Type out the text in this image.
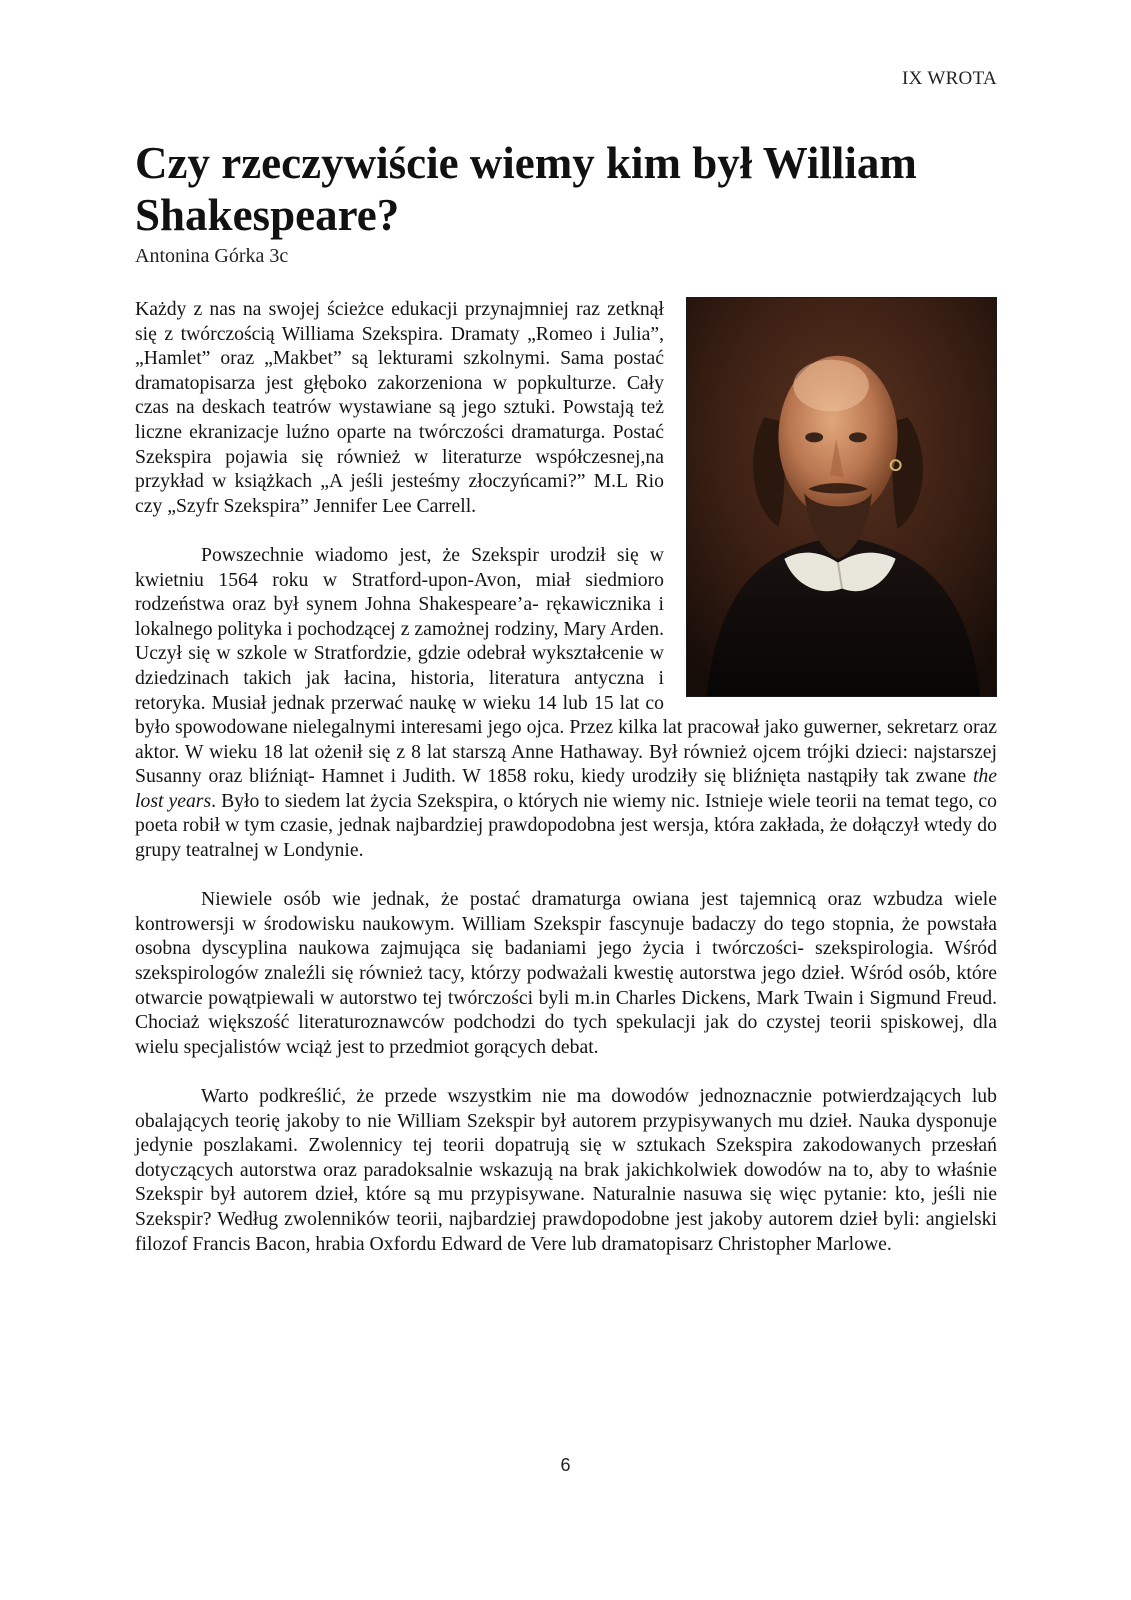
IX WROTA
Czy rzeczywiście wiemy kim był William Shakespeare?
Antonina Górka 3c

Każdy z nas na swojej ścieżce edukacji przynajmniej raz zetknął się z twórczością Williama Szekspira. Dramaty „Romeo i Julia”, „Hamlet” oraz „Makbet” są lekturami szkolnymi. Sama postać dramatopisarza jest głęboko zakorzeniona w popkulturze. Cały czas na deskach teatrów wystawiane są jego sztuki. Powstają też liczne ekranizacje luźno oparte na twórczości dramaturga. Postać Szekspira pojawia się również w literaturze współczesnej,na przykład w książkach „A jeśli jesteśmy złoczyńcami?” M.L Rio czy „Szyfr Szekspira” Jennifer Lee Carrell.

Powszechnie wiadomo jest, że Szekspir urodził się w kwietniu 1564 roku w Stratford-upon-Avon, miał siedmioro rodzeństwa oraz był synem Johna Shakespeare’a- rękawicznika i lokalnego polityka i pochodzącej z zamożnej rodziny, Mary Arden. Uczył się w szkole w Stratfordzie, gdzie odebrał wykształcenie w dziedzinach takich jak łacina, historia, literatura antyczna i retoryka. Musiał jednak przerwać naukę w wieku 14 lub 15 lat co było spowodowane nielegalnymi interesami jego ojca. Przez kilka lat pracował jako guwerner, sekretarz oraz aktor. W wieku 18 lat ożenił się z 8 lat starszą Anne Hathaway. Był również ojcem trójki dzieci: najstarszej Susanny oraz bliźniąt- Hamnet i Judith. W 1858 roku, kiedy urodziły się bliźnięta nastąpiły tak zwane the lost years. Było to siedem lat życia Szekspira, o których nie wiemy nic. Istnieje wiele teorii na temat tego, co poeta robił w tym czasie, jednak najbardziej prawdopodobna jest wersja, która zakłada, że dołączył wtedy do grupy teatralnej w Londynie.

Niewiele osób wie jednak, że postać dramaturga owiana jest tajemnicą oraz wzbudza wiele kontrowersji w środowisku naukowym. William Szekspir fascynuje badaczy do tego stopnia, że powstała osobna dyscyplina naukowa zajmująca się badaniami jego życia i twórczości- szekspirologia. Wśród szekspirologów znaleźli się również tacy, którzy podważali kwestię autorstwa jego dzieł. Wśród osób, które otwarcie powątpiewali w autorstwo tej twórczości byli m.in Charles Dickens, Mark Twain i Sigmund Freud. Chociaż większość literaturoznawców podchodzi do tych spekulacji jak do czystej teorii spiskowej, dla wielu specjalistów wciąż jest to przedmiot gorących debat.

Warto podkreślić, że przede wszystkim nie ma dowodów jednoznacznie potwierdzających lub obalających teorię jakoby to nie William Szekspir był autorem przypisywanych mu dzieł. Nauka dysponuje jedynie poszlakami. Zwolennicy tej teorii dopatrują się w sztukach Szekspira zakodowanych przesłań dotyczących autorstwa oraz paradoksalnie wskazują na brak jakichkolwiek dowodów na to, aby to właśnie Szekspir był autorem dzieł, które są mu przypisywane. Naturalnie nasuwa się więc pytanie: kto, jeśli nie Szekspir? Według zwolenników teorii, najbardziej prawdopodobne jest jakoby autorem dzieł byli: angielski filozof Francis Bacon, hrabia Oxfordu Edward de Vere lub dramatopisarz Christopher Marlowe.

6
